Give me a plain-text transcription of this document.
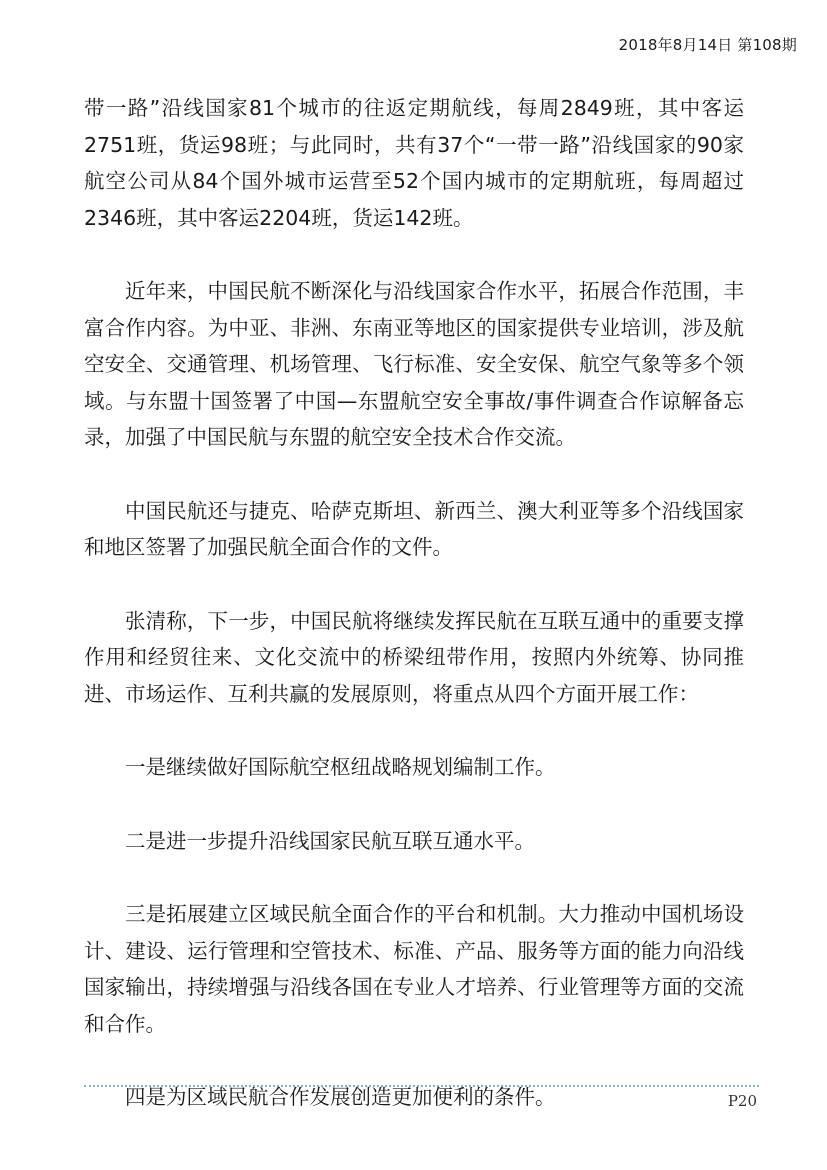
2018年8月14日 第108期

带一路”沿线国家81个城市的往返定期航线，每周2849班，其中客运2751班，货运98班；与此同时，共有37个“一带一路”沿线国家的90家航空公司从84个国外城市运营至52个国内城市的定期航班，每周超过2346班，其中客运2204班，货运142班。

近年来，中国民航不断深化与沿线国家合作水平，拓展合作范围，丰富合作内容。为中亚、非洲、东南亚等地区的国家提供专业培训，涉及航空安全、交通管理、机场管理、飞行标准、安全安保、航空气象等多个领域。与东盟十国签署了中国—东盟航空安全事故/事件调查合作谅解备忘录，加强了中国民航与东盟的航空安全技术合作交流。

中国民航还与捷克、哈萨克斯坦、新西兰、澳大利亚等多个沿线国家和地区签署了加强民航全面合作的文件。

张清称，下一步，中国民航将继续发挥民航在互联互通中的重要支撑作用和经贸往来、文化交流中的桥梁纽带作用，按照内外统筹、协同推进、市场运作、互利共赢的发展原则，将重点从四个方面开展工作：

一是继续做好国际航空枢纽战略规划编制工作。

二是进一步提升沿线国家民航互联互通水平。

三是拓展建立区域民航全面合作的平台和机制。大力推动中国机场设计、建设、运行管理和空管技术、标准、产品、服务等方面的能力向沿线国家输出，持续增强与沿线各国在专业人才培养、行业管理等方面的交流和合作。

四是为区域民航合作发展创造更加便利的条件。	P20
